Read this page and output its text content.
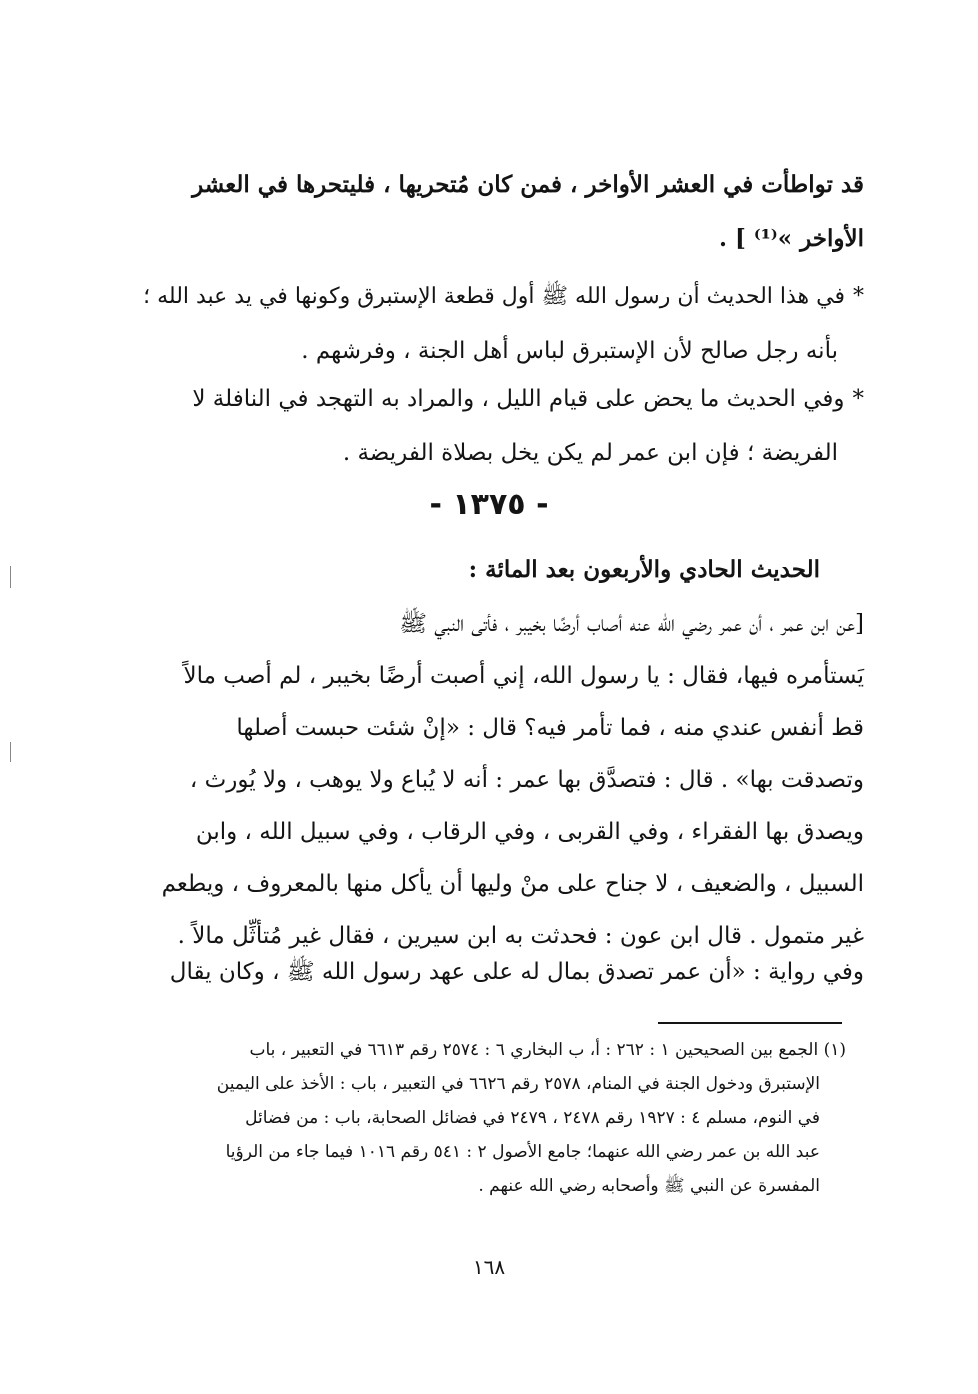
قد تواطأت في العشر الأواخر ، فمن كان مُتحريها ، فليتحرها في العشر
الأواخر »⁽¹⁾ ] .
*في هذا الحديث أن رسول الله ﷺ أول قطعة الإستبرق وكونها في يد عبد الله ؛
بأنه رجل صالح لأن الإستبرق لباس أهل الجنة ، وفرشهم .
*وفي الحديث ما يحض على قيام الليل ، والمراد به التهجد في النافلة لا
الفريضة ؛ فإن ابن عمر لم يكن يخل بصلاة الفريضة .
- ١٣٧٥ -
الحديث الحادي والأربعون بعد المائة :
[عن ابن عمر ، أن عمر رضي الله عنه أصاب أرضًا بخيبر ، فأتى النبي ﷺ
يَستأمره فيها، فقال : يا رسول الله، إني أصبت أرضًا بخيبر ، لم أصب مالاً
قط أنفس عندي منه ، فما تأمر فيه؟ قال : «إنْ شئت حبست أصلها
وتصدقت بها» . قال : فتصدَّق بها عمر : أنه لا يُباع ولا يوهب ، ولا يُورث ،
ويصدق بها الفقراء ، وفي القربى ، وفي الرقاب ، وفي سبيل الله ، وابن
السبيل ، والضعيف ، لا جناح على منْ وليها أن يأكل منها بالمعروف ، ويطعم
غير متمول . قال ابن عون : فحدثت به ابن سيرين ، فقال غير مُتأثِّل مالاً .
وفي رواية : «أن عمر تصدق بمال له على عهد رسول الله ﷺ ، وكان يقال
(١) الجمع بين الصحيحين ١ : ٢٦٢ : أ، ب البخاري ٦ : ٢٥٧٤ رقم ٦٦١٣ في التعبير ، باب
الإستبرق ودخول الجنة في المنام، ٢٥٧٨ رقم ٦٦٢٦ في التعبير ، باب : الأخذ على اليمين
في النوم، مسلم ٤ : ١٩٢٧ رقم ٢٤٧٨ ، ٢٤٧٩ في فضائل الصحابة، باب : من فضائل
عبد الله بن عمر رضي الله عنهما؛ جامع الأصول ٢ : ٥٤١ رقم ١٠١٦ فيما جاء من الرؤيا
المفسرة عن النبي ﷺ وأصحابه رضي الله عنهم .
١٦٨
